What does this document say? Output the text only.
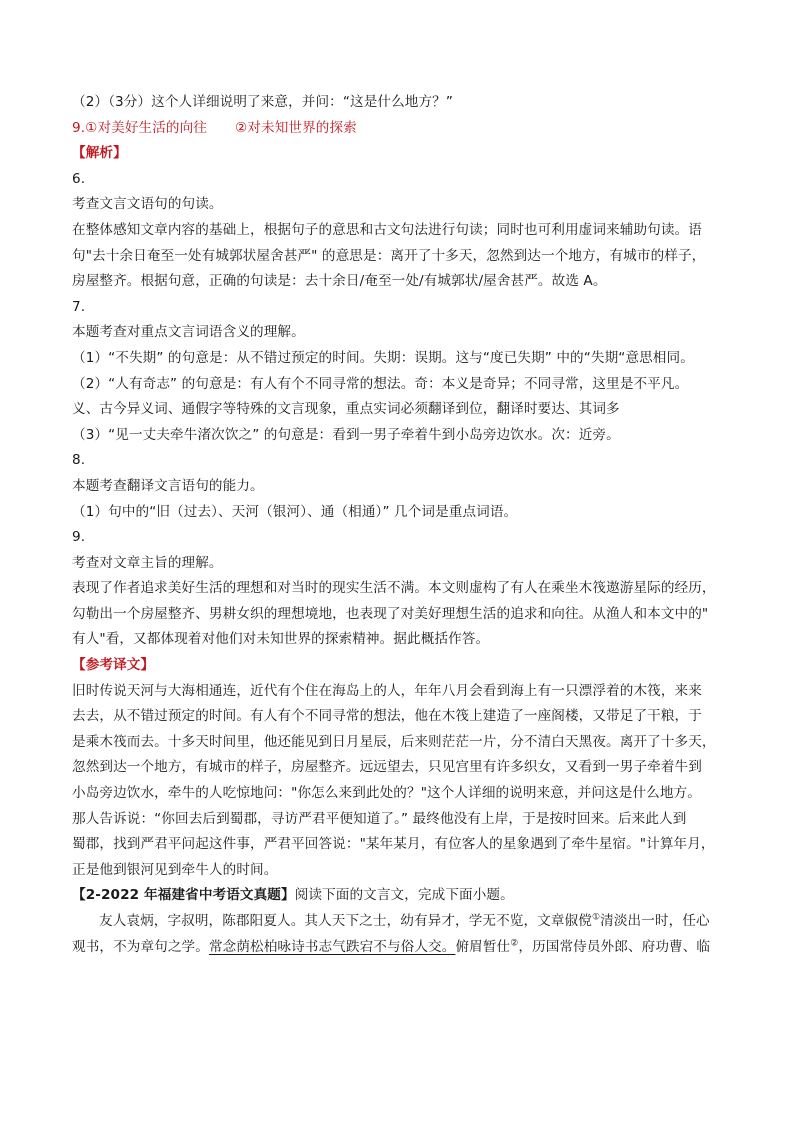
（2）（3分）这个人详细说明了来意，并问：“这是什么地方？”
9.①对美好生活的向往 ②对未知世界的探索
【解析】
6.
考查文言文语句的句读。
在整体感知文章内容的基础上，根据句子的意思和古文句法进行句读；同时也可利用虚词来辅助句读。语
句"去十余日奄至一处有城郭状屋舍甚严" 的意思是：离开了十多天，忽然到达一个地方，有城市的样子，
房屋整齐。根据句意，正确的句读是：去十余日/奄至一处/有城郭状/屋舍甚严。故选 A。
7.
本题考查对重点文言词语含义的理解。
（1）“不失期” 的句意是：从不错过预定的时间。失期：误期。这与“度已失期” 中的“失期“意思相同。
（2）“人有奇志” 的句意是：有人有个不同寻常的想法。奇：本义是奇异；不同寻常，这里是不平凡。
义、古今异义词、通假字等特殊的文言现象，重点实词必须翻译到位，翻译时要达、其词多
（3）“见一丈夫牵牛渚次饮之” 的句意是：看到一男子牵着牛到小岛旁边饮水。次：近旁。
8.
本题考查翻译文言语句的能力。
（1）句中的“旧（过去）、天河（银河）、通（相通）” 几个词是重点词语。
9.
考查对文章主旨的理解。
表现了作者追求美好生活的理想和对当时的现实生活不满。本文则虚构了有人在乘坐木筏遨游星际的经历，
勾勒出一个房屋整齐、男耕女织的理想境地，也表现了对美好理想生活的追求和向往。从渔人和本文中的"
有人"看，又都体现着对他们对未知世界的探索精神。据此概括作答。
【参考译文】
旧时传说天河与大海相通连，近代有个住在海岛上的人，年年八月会看到海上有一只漂浮着的木筏，来来
去去，从不错过预定的时间。有人有个不同寻常的想法，他在木筏上建造了一座阁楼，又带足了干粮，于
是乘木筏而去。十多天时间里，他还能见到日月星辰，后来则茫茫一片，分不清白天黑夜。离开了十多天，
忽然到达一个地方，有城市的样子，房屋整齐。远远望去，只见宫里有许多织女，又看到一男子牵着牛到
小岛旁边饮水，牵牛的人吃惊地问："你怎么来到此处的？"这个人详细的说明来意，并问这是什么地方。
那人告诉说：“你回去后到蜀郡，寻访严君平便知道了。” 最终他没有上岸，于是按时回来。后来此人到
蜀郡，找到严君平问起这件事，严君平回答说："某年某月，有位客人的星象遇到了牵牛星宿。"计算年月，
正是他到银河见到牵牛人的时间。
【2-2022 年福建省中考语文真题】阅读下面的文言文，完成下面小题。
友人袁炳，字叔明，陈郡阳夏人。其人天下之士，幼有异才，学无不览，文章俶傥①清淡出一时，任心
观书，不为章句之学。常念荫松柏咏诗书志气跌宕不与俗人交。俯眉暂仕②，历国常侍员外郎、府功曹、临
